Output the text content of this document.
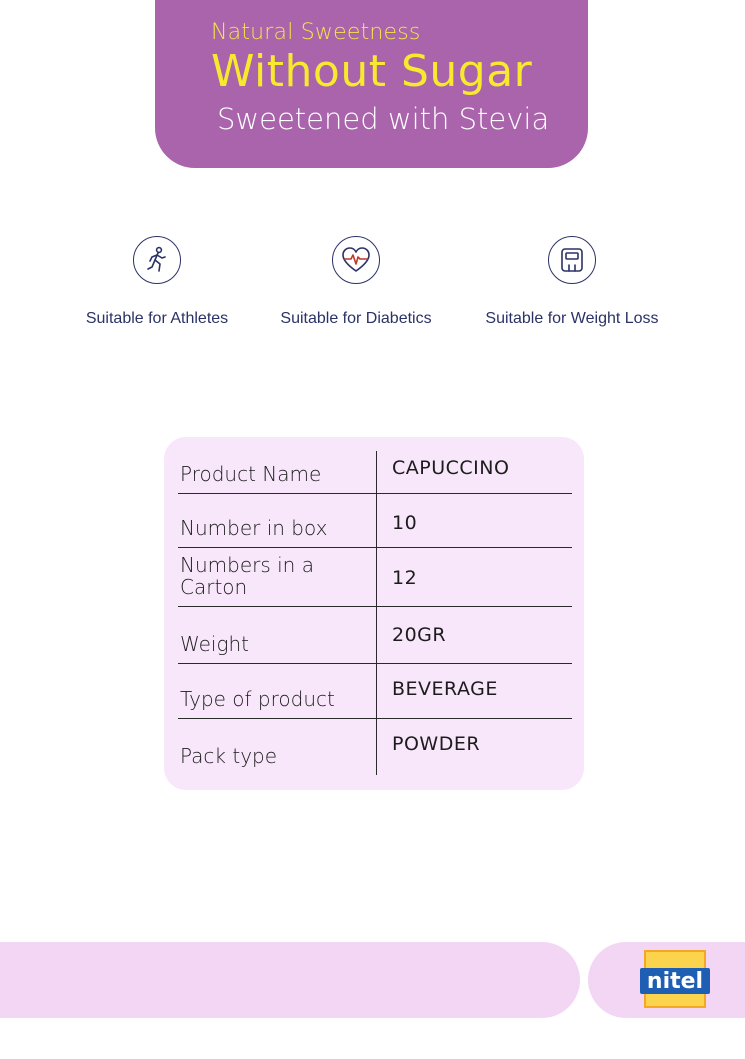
Natural Sweetness
Without Sugar
Sweetened with Stevia
Suitable for Athletes	Suitable for Diabetics	Suitable for Weight Loss
Product Name	CAPUCCINO
Number in box	10
Numbers in a Carton	12
Weight	20GR
Type of product	BEVERAGE
Pack type	POWDER
nitel
